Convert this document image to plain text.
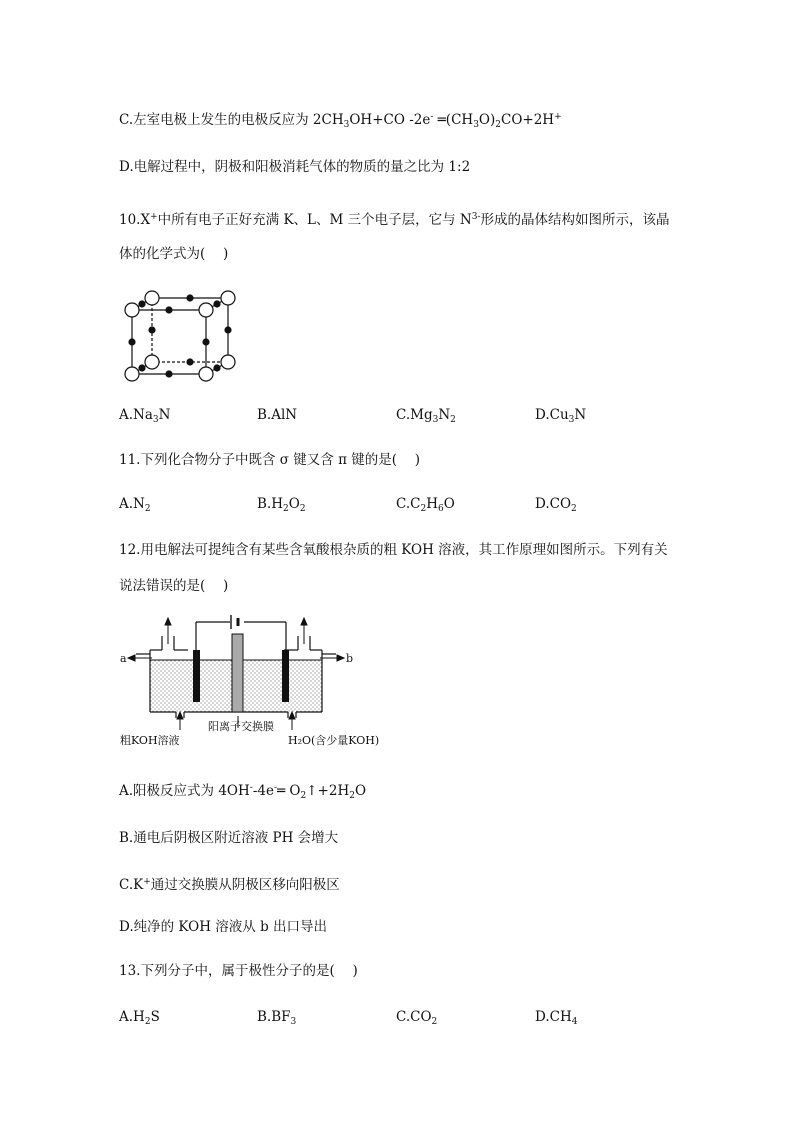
C.左室电极上发生的电极反应为 $2CH_3OH+CO$ -2e- $═(CH_3O)_2CO+2H^+$
D.电解过程中，阴极和阳极消耗气体的物质的量之比为 1:2
10.X+中所有电子正好充满 K、L、M 三个电子层，它与 $N^{3-}$形成的晶体结构如图所示，该晶
体的化学式为(　 )
$A.Na_3N$	B.AlN	$C.Mg_3N_2$	$D.Cu_3N$
11.下列化合物分子中既含 σ 键又含 π 键的是(　 )
$A.N_2$	$B.H_2O_2$	$C.C_2H_6O$	$D.CO_2$
12.用电解法可提纯含有某些含氧酸根杂质的粗 KOH 溶液，其工作原理如图所示。下列有关
说法错误的是(　 )
a	b
阳离子交换膜
粗KOH溶液	H₂O(含少量KOH)
A.阳极反应式为 4OH--4e-═ $O_2↑+2H_2O$
B.通电后阴极区附近溶液 PH 会增大
C.K+通过交换膜从阴极区移向阳极区
D.纯净的 KOH 溶液从 b 出口导出
13.下列分子中，属于极性分子的是(　 )
$A.H_2S$	$B.BF_3$	$C.CO_2$	$D.CH_4$
